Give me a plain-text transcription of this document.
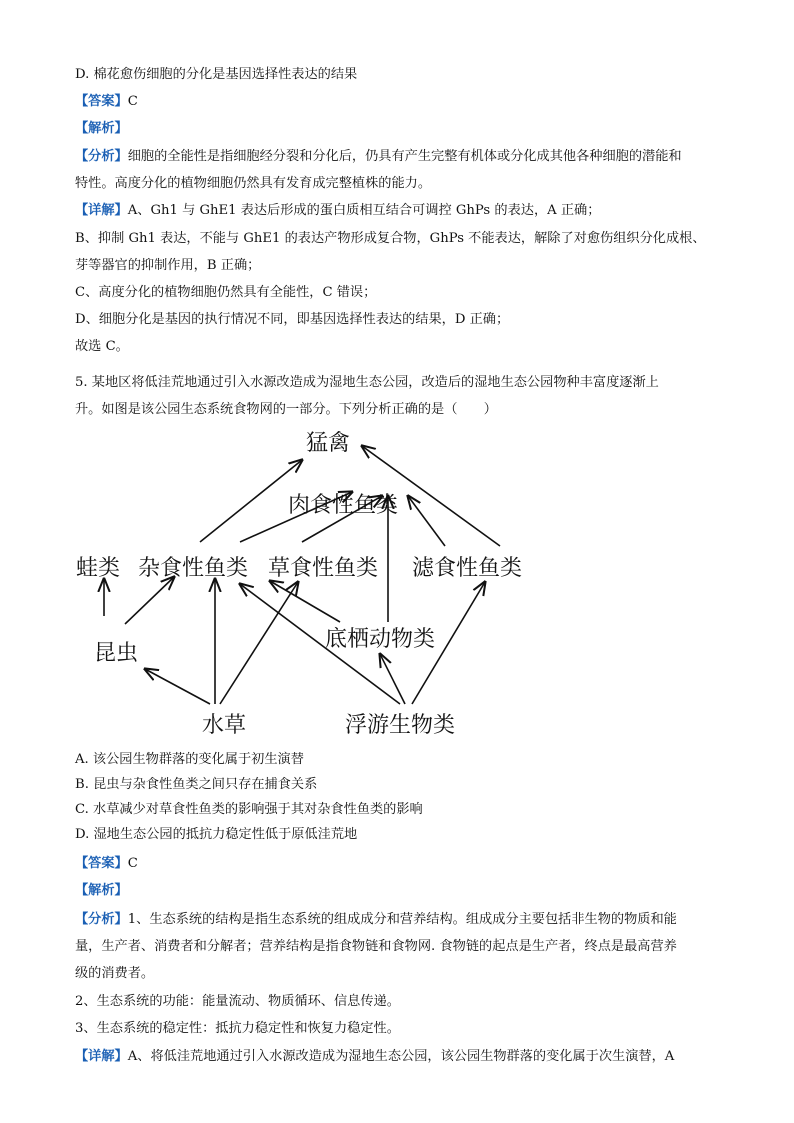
D. 棉花愈伤细胞的分化是基因选择性表达的结果
【答案】C
【解析】
【分析】细胞的全能性是指细胞经分裂和分化后，仍具有产生完整有机体或分化成其他各种细胞的潜能和
特性。高度分化的植物细胞仍然具有发育成完整植株的能力。
【详解】A、Gh1 与 GhE1 表达后形成的蛋白质相互结合可调控 GhPs 的表达，A 正确；
B、抑制 Gh1 表达，不能与 GhE1 的表达产物形成复合物，GhPs 不能表达，解除了对愈伤组织分化成根、
芽等器官的抑制作用，B 正确；
C、高度分化的植物细胞仍然具有全能性，C 错误；
D、细胞分化是基因的执行情况不同，即基因选择性表达的结果，D 正确；
故选 C。
5. 某地区将低洼荒地通过引入水源改造成为湿地生态公园，改造后的湿地生态公园物种丰富度逐渐上
升。如图是该公园生态系统食物网的一部分。下列分析正确的是（　　）
猛禽
肉食性鱼类
蛙类 杂食性鱼类 草食性鱼类 滤食性鱼类
昆虫
底栖动物类
水草	浮游生物类
A. 该公园生物群落的变化属于初生演替
B. 昆虫与杂食性鱼类之间只存在捕食关系
C. 水草减少对草食性鱼类的影响强于其对杂食性鱼类的影响
D. 湿地生态公园的抵抗力稳定性低于原低洼荒地
【答案】C
【解析】
【分析】1、生态系统的结构是指生态系统的组成成分和营养结构。组成成分主要包括非生物的物质和能
量，生产者、消费者和分解者；营养结构是指食物链和食物网. 食物链的起点是生产者，终点是最高营养
级的消费者。
2、生态系统的功能：能量流动、物质循环、信息传递。
3、生态系统的稳定性：抵抗力稳定性和恢复力稳定性。
【详解】A、将低洼荒地通过引入水源改造成为湿地生态公园，该公园生物群落的变化属于次生演替，A
